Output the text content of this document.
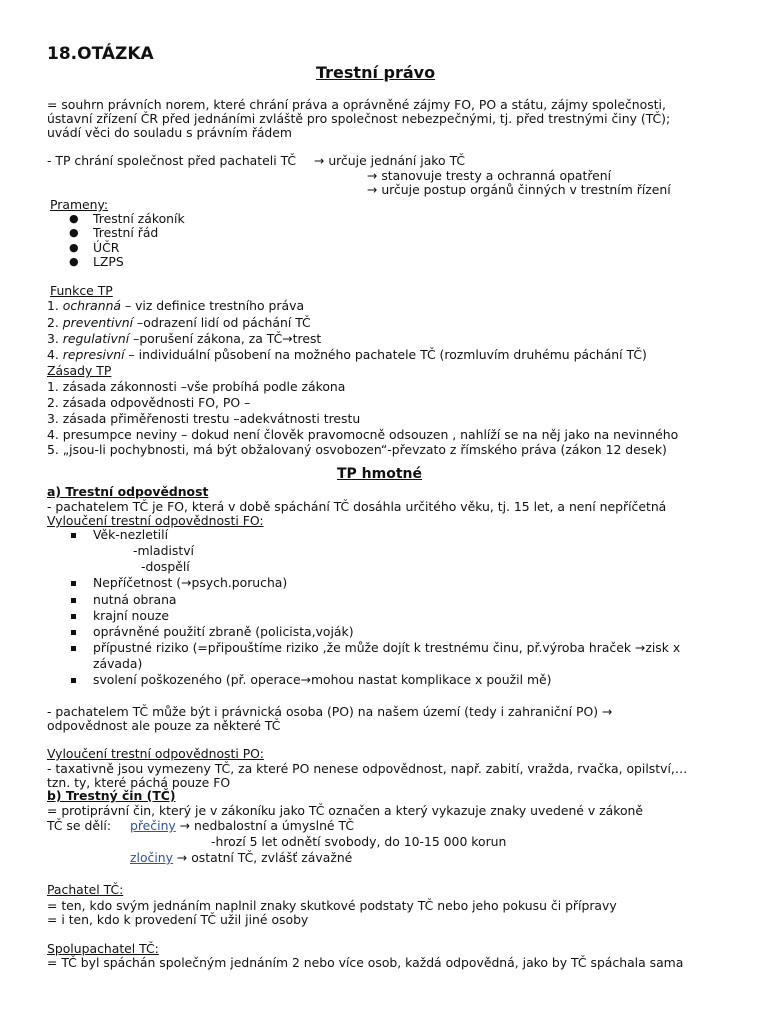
18.OTÁZKA
Trestní právo
= souhrn právních norem, které chrání práva a oprávněné zájmy FO, PO a státu, zájmy společnosti,
ústavní zřízení ČR před jednáními zvláště pro společnost nebezpečnými, tj. před trestnými činy (TČ);
uvádí věci do souladu s právním řádem
- TP chrání společnost před pachateli TČ → určuje jednání jako TČ
→ stanovuje tresty a ochranná opatření
→ určuje postup orgánů činných v trestním řízení
Prameny:
● Trestní zákoník
● Trestní řád
● ÚČR
● LZPS
Funkce TP
1. ochranná – viz definice trestního práva
2. preventivní –odrazení lidí od páchání TČ
3. regulativní –porušení zákona, za TČ→trest
4. represivní – individuální působení na možného pachatele TČ (rozmluvím druhému páchání TČ)
Zásady TP
1. zásada zákonnosti –vše probíhá podle zákona
2. zásada odpovědnosti FO, PO –
3. zásada přiměřenosti trestu –adekvátnosti trestu
4. presumpce neviny – dokud není člověk pravomocně odsouzen , nahlíží se na něj jako na nevinného
5. „jsou-li pochybnosti, má být obžalovaný osvobozen“-převzato z římského práva (zákon 12 desek)
TP hmotné
a) Trestní odpovědnost
- pachatelem TČ je FO, která v době spáchání TČ dosáhla určitého věku, tj. 15 let, a není nepříčetná
Vyloučení trestní odpovědnosti FO:
Věk-nezletilí
-mladiství
-dospělí
Nepříčetnost (→psych.porucha)
nutná obrana
krajní nouze
oprávněné použití zbraně (policista,voják)
přípustné riziko (=připouštíme riziko ,že může dojít k trestnému činu, př.výroba hraček →zisk x
závada)
svolení poškozeného (př. operace→mohou nastat komplikace x použil mě)
- pachatelem TČ může být i právnická osoba (PO) na našem území (tedy i zahraniční PO) →
odpovědnost ale pouze za některé TČ
Vyloučení trestní odpovědnosti PO:
- taxativně jsou vymezeny TČ, za které PO nenese odpovědnost, např. zabití, vražda, rvačka, opilství,…
tzn. ty, které páchá pouze FO
b) Trestný čin (TČ)
= protiprávní čin, který je v zákoníku jako TČ označen a který vykazuje znaky uvedené v zákoně
TČ se dělí: přečiny → nedbalostní a úmyslné TČ
-hrozí 5 let odnětí svobody, do 10-15 000 korun
zločiny → ostatní TČ, zvlášť závažné
Pachatel TČ:
= ten, kdo svým jednáním naplnil znaky skutkové podstaty TČ nebo jeho pokusu či přípravy
= i ten, kdo k provedení TČ užil jiné osoby
Spolupachatel TČ:
= TČ byl spáchán společným jednáním 2 nebo více osob, každá odpovědná, jako by TČ spáchala sama
